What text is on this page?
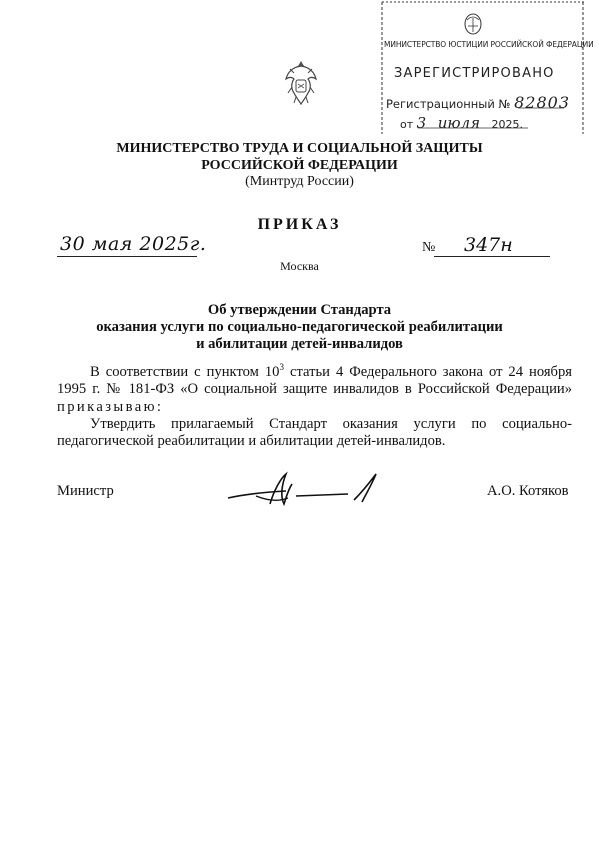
МИНИСТЕРСТВО ЮСТИЦИИ РОССИЙСКОЙ ФЕДЕРАЦИИ
ЗАРЕГИСТРИРОВАНО
Регистрационный № 82803
от 3 июля 2025.
МИНИСТЕРСТВО ТРУДА И СОЦИАЛЬНОЙ ЗАЩИТЫ
РОССИЙСКОЙ ФЕДЕРАЦИИ
(Минтруд России)
ПРИКАЗ
30 мая 2025г.	№ 347н
Москва
Об утверждении Стандарта
оказания услуги по социально-педагогической реабилитации
и абилитации детей-инвалидов
В соответствии с пунктом $10^3$ статьи 4 Федерального закона от 24 ноября 1995 г. № 181-ФЗ «О социальной защите инвалидов в Российской Федерации» приказываю:
Утвердить прилагаемый Стандарт оказания услуги по социально-педагогической реабилитации и абилитации детей-инвалидов.
Министр	А.О. Котяков
